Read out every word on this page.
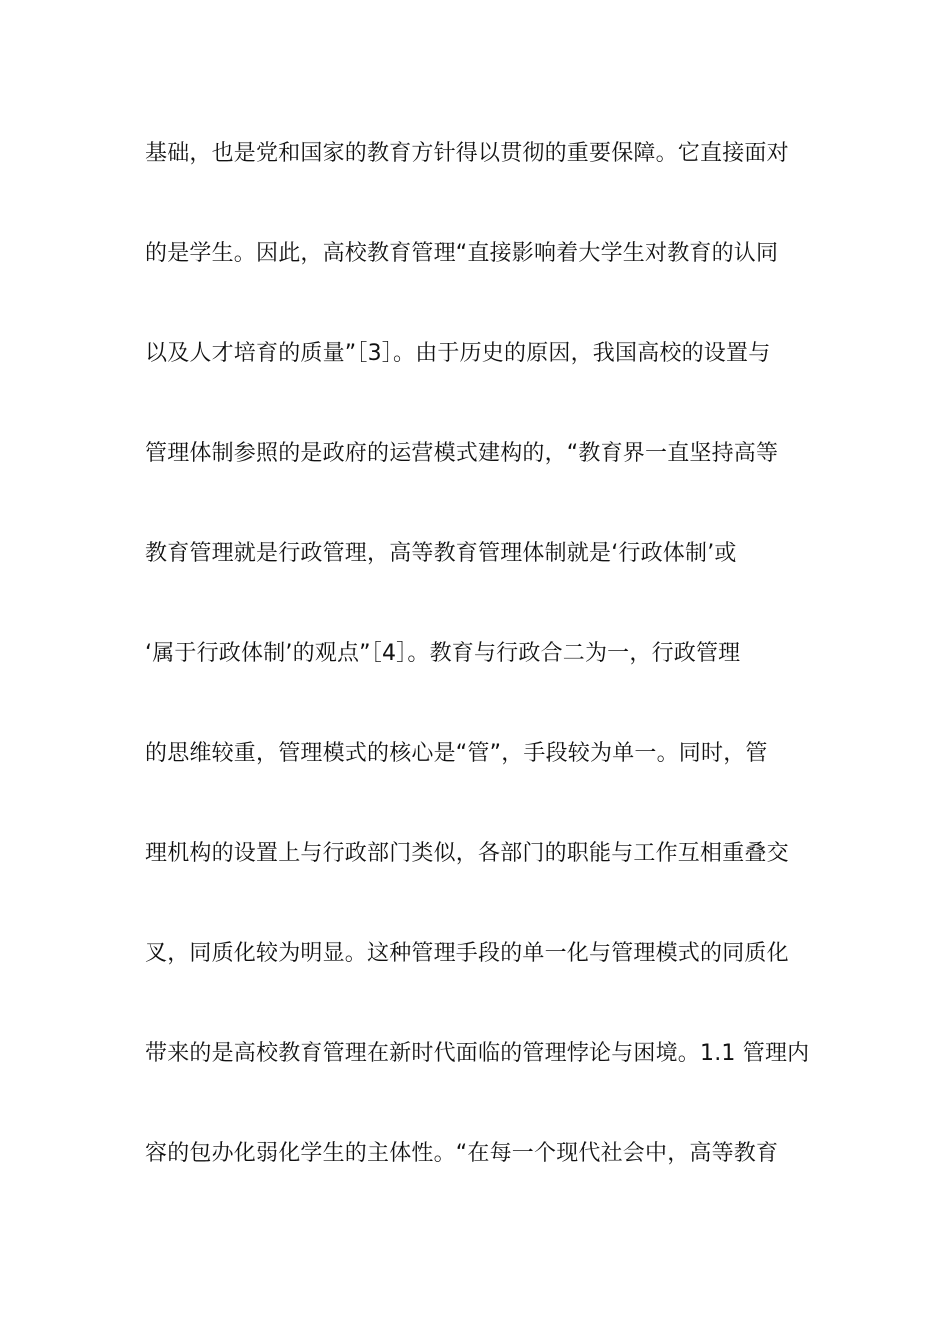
基础，也是党和国家的教育方针得以贯彻的重要保障。它直接面对
的是学生。因此，高校教育管理“直接影响着大学生对教育的认同
以及人才培育的质量”［3］。由于历史的原因，我国高校的设置与
管理体制参照的是政府的运营模式建构的，“教育界一直坚持高等
教育管理就是行政管理，高等教育管理体制就是‘行政体制’或
‘属于行政体制’的观点”［4］。教育与行政合二为一，行政管理
的思维较重，管理模式的核心是“管”，手段较为单一。同时，管
理机构的设置上与行政部门类似，各部门的职能与工作互相重叠交
叉，同质化较为明显。这种管理手段的单一化与管理模式的同质化
带来的是高校教育管理在新时代面临的管理悖论与困境。1.1 管理内
容的包办化弱化学生的主体性。“在每一个现代社会中，高等教育
